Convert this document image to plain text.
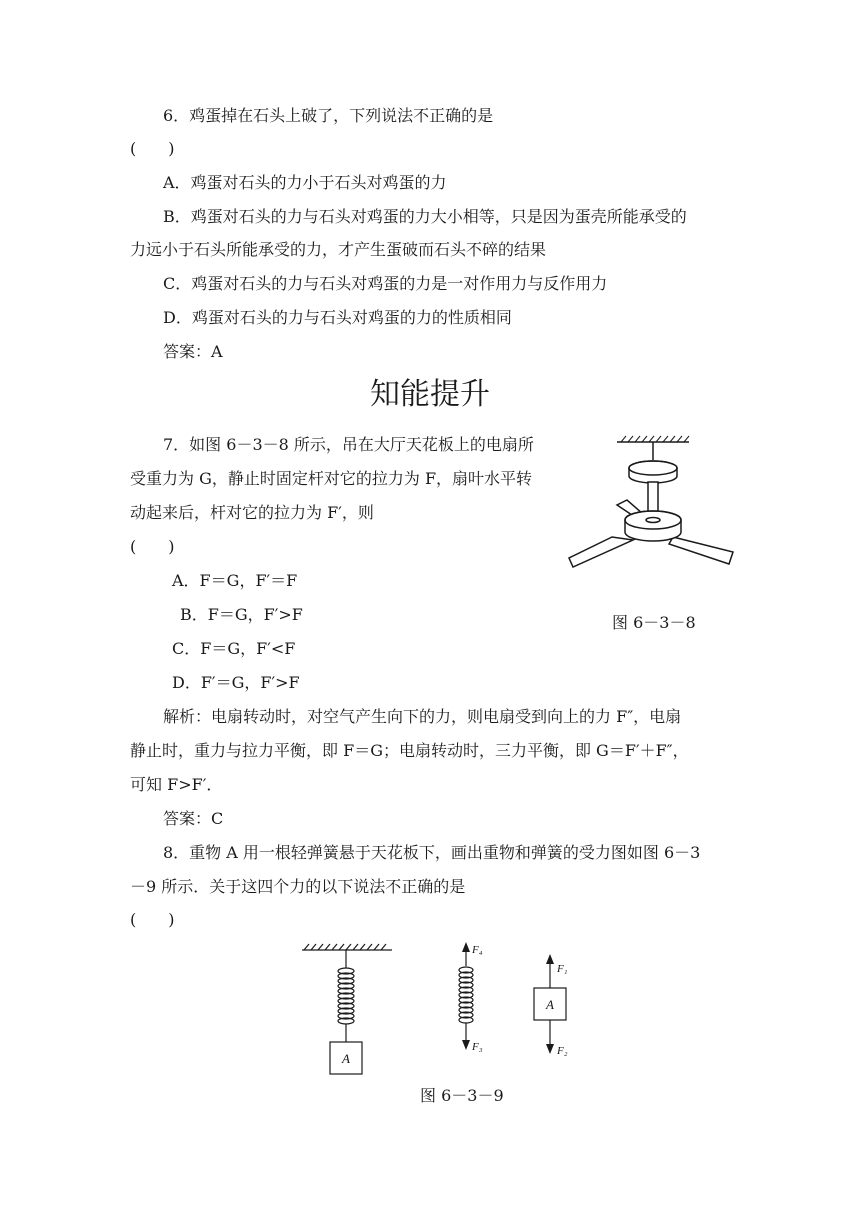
6．鸡蛋掉在石头上破了，下列说法不正确的是
(　　)
A．鸡蛋对石头的力小于石头对鸡蛋的力
B．鸡蛋对石头的力与石头对鸡蛋的力大小相等，只是因为蛋壳所能承受的
力远小于石头所能承受的力，才产生蛋破而石头不碎的结果
C．鸡蛋对石头的力与石头对鸡蛋的力是一对作用力与反作用力
D．鸡蛋对石头的力与石头对鸡蛋的力的性质相同
答案：A
知能提升
7．如图 6－3－8 所示，吊在大厅天花板上的电扇所
受重力为 G，静止时固定杆对它的拉力为 F，扇叶水平转
动起来后，杆对它的拉力为 F′，则
(　　)
A．F＝G，F′＝F
B．F＝G，F′>F
C．F＝G，F′<F
D．F′＝G，F′>F
图 6－3－8
解析：电扇转动时，对空气产生向下的力，则电扇受到向上的力 F″，电扇
静止时，重力与拉力平衡，即 F＝G；电扇转动时，三力平衡，即 G＝F′＋F″，
可知 F>F′．
答案：C
8．重物 A 用一根轻弹簧悬于天花板下，画出重物和弹簧的受力图如图 6－3
－9 所示．关于这四个力的以下说法不正确的是
(　　)
A
F₄
F₃
A
F₁
F₂
图 6－3－9
